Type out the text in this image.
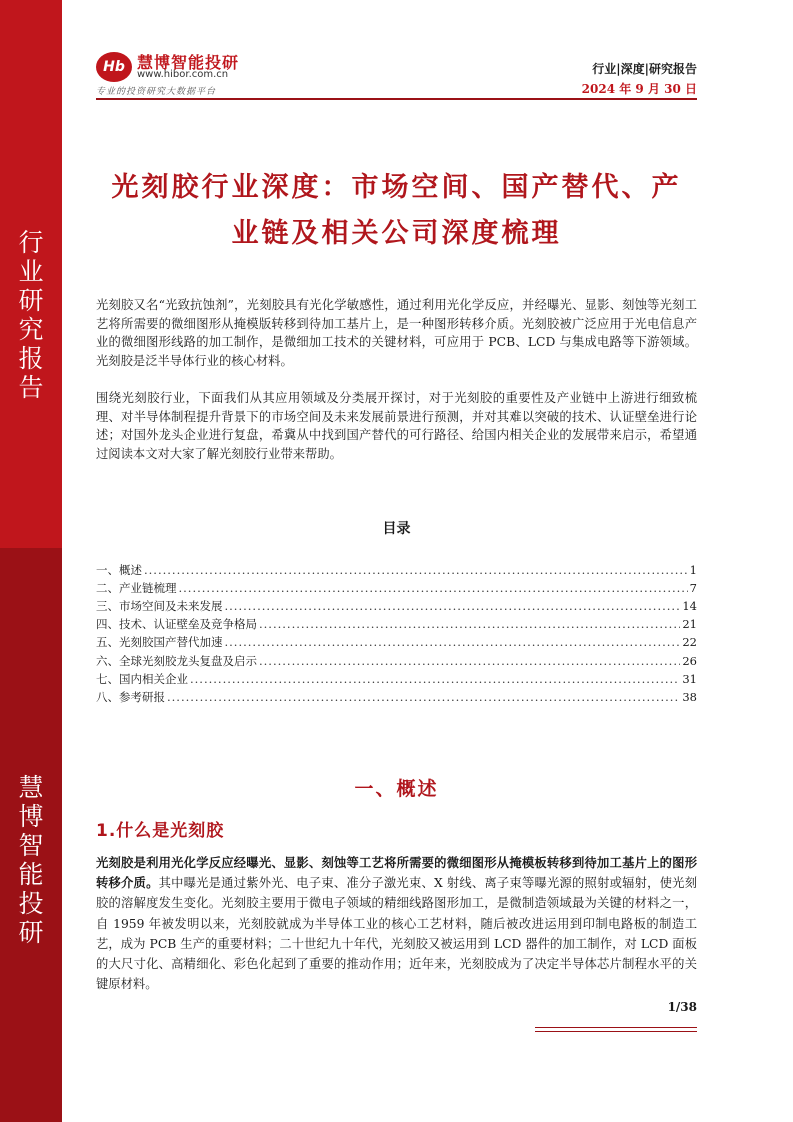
行
业
研
究
报
告
慧
博
智
能
投
研
Hb 慧博智能投研
www.hibor.com.cn
专业的投资研究大数据平台
行业|深度|研究报告
2024 年 9 月 30 日
光刻胶行业深度：市场空间、国产替代、产
业链及相关公司深度梳理
光刻胶又名“光致抗蚀剂”，光刻胶具有光化学敏感性，通过利用光化学反应，并经曝光、显影、刻蚀等光刻工艺将所需要的微细图形从掩模版转移到待加工基片上，是一种图形转移介质。光刻胶被广泛应用于光电信息产业的微细图形线路的加工制作，是微细加工技术的关键材料，可应用于 PCB、LCD 与集成电路等下游领域。光刻胶是泛半导体行业的核心材料。
围绕光刻胶行业，下面我们从其应用领域及分类展开探讨，对于光刻胶的重要性及产业链中上游进行细致梳理、对半导体制程提升背景下的市场空间及未来发展前景进行预测，并对其难以突破的技术、认证壁垒进行论述；对国外龙头企业进行复盘，希冀从中找到国产替代的可行路径、给国内相关企业的发展带来启示，希望通过阅读本文对大家了解光刻胶行业带来帮助。
目录
一、概述 .....	1
二、产业链梳理 .....	7
三、市场空间及未来发展 .....	14
四、技术、认证壁垒及竞争格局 .....	21
五、光刻胶国产替代加速 .....	22
六、全球光刻胶龙头复盘及启示 .....	26
七、国内相关企业 .....	31
八、参考研报 .....	38
一、概述
1.什么是光刻胶
光刻胶是利用光化学反应经曝光、显影、刻蚀等工艺将所需要的微细图形从掩模板转移到待加工基片上的图形转移介质。其中曝光是通过紫外光、电子束、准分子激光束、X 射线、离子束等曝光源的照射或辐射，使光刻胶的溶解度发生变化。光刻胶主要用于微电子领域的精细线路图形加工，是微制造领域最为关键的材料之一，自 1959 年被发明以来，光刻胶就成为半导体工业的核心工艺材料，随后被改进运用到印制电路板的制造工艺，成为 PCB 生产的重要材料；二十世纪九十年代，光刻胶又被运用到 LCD 器件的加工制作，对 LCD 面板的大尺寸化、高精细化、彩色化起到了重要的推动作用；近年来，光刻胶成为了决定半导体芯片制程水平的关键原材料。
1/38
